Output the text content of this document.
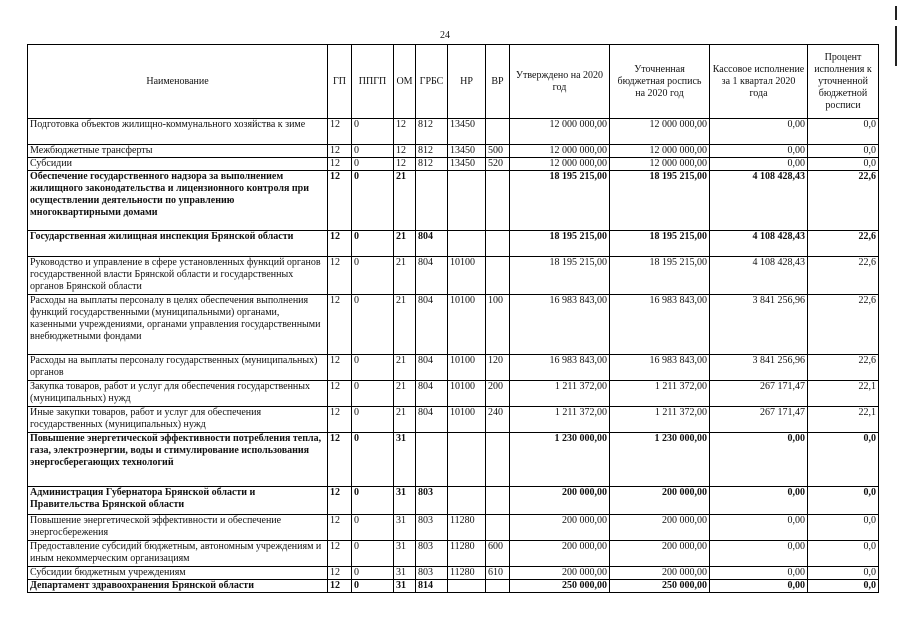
24
Наименование	ГП	ППГП	ОМ	ГРБС	НР	ВР	Утверждено на 2020 год	Уточненная бюджетная роспись на 2020 год	Кассовое исполнение за 1 квартал 2020 года	Процент исполнения к уточненной бюджетной росписи
Подготовка объектов жилищно-коммунального хозяйства к зиме	12	0	12	812	13450		12 000 000,00	12 000 000,00	0,00	0,0
Межбюджетные трансферты	12	0	12	812	13450	500	12 000 000,00	12 000 000,00	0,00	0,0
Субсидии	12	0	12	812	13450	520	12 000 000,00	12 000 000,00	0,00	0,0
Обеспечение государственного надзора за выполнением жилищного законодательства и лицензионного контроля при осуществлении деятельности по управлению многоквартирными домами	12	0	21				18 195 215,00	18 195 215,00	4 108 428,43	22,6
Государственная жилищная инспекция Брянской области	12	0	21	804			18 195 215,00	18 195 215,00	4 108 428,43	22,6
Руководство и управление в сфере установленных функций органов государственной власти Брянской области и государственных органов Брянской области	12	0	21	804	10100		18 195 215,00	18 195 215,00	4 108 428,43	22,6
Расходы на выплаты персоналу в целях обеспечения выполнения функций государственными (муниципальными) органами, казенными учреждениями, органами управления государственными внебюджетными фондами	12	0	21	804	10100	100	16 983 843,00	16 983 843,00	3 841 256,96	22,6
Расходы на выплаты персоналу государственных (муниципальных) органов	12	0	21	804	10100	120	16 983 843,00	16 983 843,00	3 841 256,96	22,6
Закупка товаров, работ и услуг для обеспечения государственных (муниципальных) нужд	12	0	21	804	10100	200	1 211 372,00	1 211 372,00	267 171,47	22,1
Иные закупки товаров, работ и услуг для обеспечения государственных (муниципальных) нужд	12	0	21	804	10100	240	1 211 372,00	1 211 372,00	267 171,47	22,1
Повышение энергетической эффективности потребления тепла, газа, электроэнергии, воды и стимулирование использования энергосберегающих технологий	12	0	31				1 230 000,00	1 230 000,00	0,00	0,0
Администрация Губернатора Брянской области и Правительства Брянской области	12	0	31	803			200 000,00	200 000,00	0,00	0,0
Повышение энергетической эффективности и обеспечение энергосбережения	12	0	31	803	11280		200 000,00	200 000,00	0,00	0,0
Предоставление субсидий бюджетным, автономным учреждениям и иным некоммерческим организациям	12	0	31	803	11280	600	200 000,00	200 000,00	0,00	0,0
Субсидии бюджетным учреждениям	12	0	31	803	11280	610	200 000,00	200 000,00	0,00	0,0
Департамент здравоохранения Брянской области	12	0	31	814			250 000,00	250 000,00	0,00	0,0
